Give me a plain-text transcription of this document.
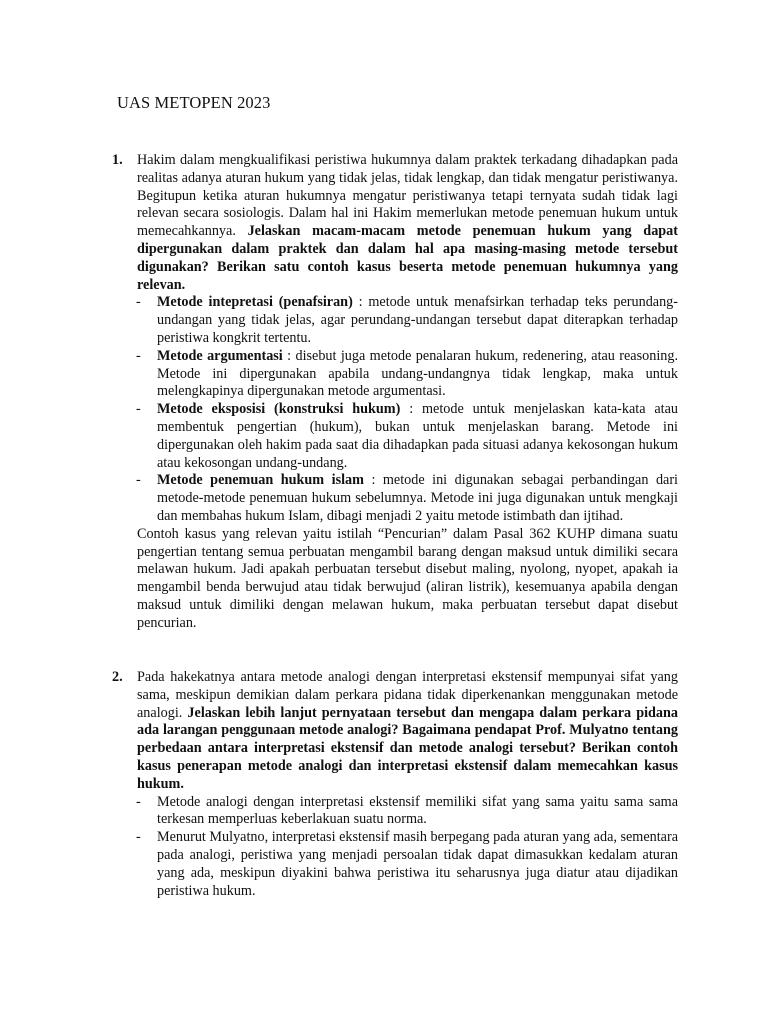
UAS METOPEN 2023
1. Hakim dalam mengkualifikasi peristiwa hukumnya dalam praktek terkadang dihadapkan pada realitas adanya aturan hukum yang tidak jelas, tidak lengkap, dan tidak mengatur peristiwanya. Begitupun ketika aturan hukumnya mengatur peristiwanya tetapi ternyata sudah tidak lagi relevan secara sosiologis. Dalam hal ini Hakim memerlukan metode penemuan hukum untuk memecahkannya. Jelaskan macam-macam metode penemuan hukum yang dapat dipergunakan dalam praktek dan dalam hal apa masing-masing metode tersebut digunakan? Berikan satu contoh kasus beserta metode penemuan hukumnya yang relevan.

- Metode intepretasi (penafsiran) : metode untuk menafsirkan terhadap teks perundang-undangan yang tidak jelas, agar perundang-undangan tersebut dapat diterapkan terhadap peristiwa kongkrit tertentu.
- Metode argumentasi : disebut juga metode penalaran hukum, redenering, atau reasoning. Metode ini dipergunakan apabila undang-undangnya tidak lengkap, maka untuk melengkapinya dipergunakan metode argumentasi.
- Metode eksposisi (konstruksi hukum) : metode untuk menjelaskan kata-kata atau membentuk pengertian (hukum), bukan untuk menjelaskan barang. Metode ini dipergunakan oleh hakim pada saat dia dihadapkan pada situasi adanya kekosongan hukum atau kekosongan undang-undang.
- Metode penemuan hukum islam : metode ini digunakan sebagai perbandingan dari metode-metode penemuan hukum sebelumnya. Metode ini juga digunakan untuk mengkaji dan membahas hukum Islam, dibagi menjadi 2 yaitu metode istimbath dan ijtihad.

Contoh kasus yang relevan yaitu istilah “Pencurian” dalam Pasal 362 KUHP dimana suatu pengertian tentang semua perbuatan mengambil barang dengan maksud untuk dimiliki secara melawan hukum. Jadi apakah perbuatan tersebut disebut maling, nyolong, nyopet, apakah ia mengambil benda berwujud atau tidak berwujud (aliran listrik), kesemuanya apabila dengan maksud untuk dimiliki dengan melawan hukum, maka perbuatan tersebut dapat disebut pencurian.

2. Pada hakekatnya antara metode analogi dengan interpretasi ekstensif mempunyai sifat yang sama, meskipun demikian dalam perkara pidana tidak diperkenankan menggunakan metode analogi. Jelaskan lebih lanjut pernyataan tersebut dan mengapa dalam perkara pidana ada larangan penggunaan metode analogi? Bagaimana pendapat Prof. Mulyatno tentang perbedaan antara interpretasi ekstensif dan metode analogi tersebut? Berikan contoh kasus penerapan metode analogi dan interpretasi ekstensif dalam memecahkan kasus hukum.

- Metode analogi dengan interpretasi ekstensif memiliki sifat yang sama yaitu sama sama terkesan memperluas keberlakuan suatu norma.
- Menurut Mulyatno, interpretasi ekstensif masih berpegang pada aturan yang ada, sementara pada analogi, peristiwa yang menjadi persoalan tidak dapat dimasukkan kedalam aturan yang ada, meskipun diyakini bahwa peristiwa itu seharusnya juga diatur atau dijadikan peristiwa hukum.
